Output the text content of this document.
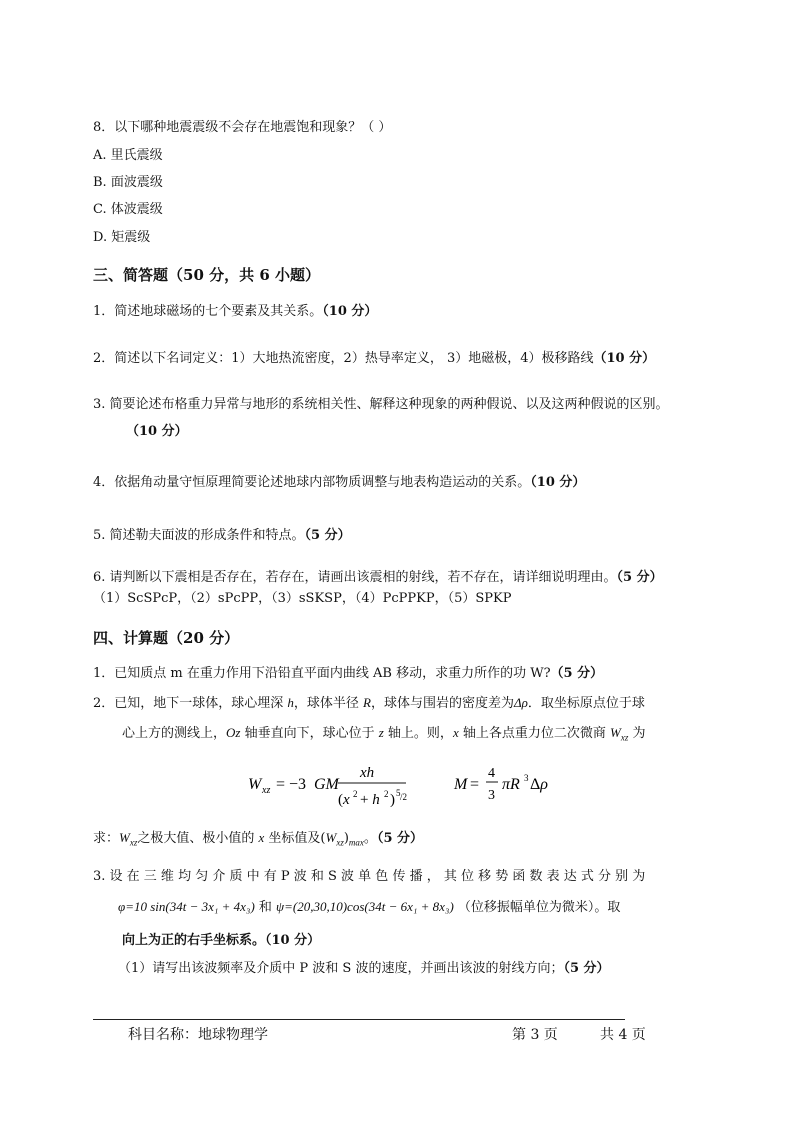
8．以下哪种地震震级不会存在地震饱和现象？（ ）
A. 里氏震级
B. 面波震级
C. 体波震级
D. 矩震级
三、简答题（50 分，共 6 小题）
1．简述地球磁场的七个要素及其关系。（10 分）
2．简述以下名词定义：1）大地热流密度，2）热导率定义， 3）地磁极，4）极移路线（10 分）
3. 简要论述布格重力异常与地形的系统相关性、解释这种现象的两种假说、以及这两种假说的区别。
（10 分）
4．依据角动量守恒原理简要论述地球内部物质调整与地表构造运动的关系。（10 分）
5. 简述勒夫面波的形成条件和特点。（5 分）
6. 请判断以下震相是否存在，若存在，请画出该震相的射线，若不存在，请详细说明理由。（5 分）
（1）ScSPcP，（2）sPcPP，（3）sSKSP，（4）PcPPKP，（5）SPKP
四、计算题（20 分）
1．已知质点 m 在重力作用下沿铅直平面内曲线 AB 移动，求重力所作的功 W?（5 分）
2．已知，地下一球体，球心埋深 h，球体半径 R，球体与围岩的密度差为Δρ．取坐标原点位于球
心上方的测线上，Oz 轴垂直向下，球心位于 z 轴上。则，x 轴上各点重力位二次微商 $W_{xz}$ 为
W xz = −3 GM
xh
(x 2 + h 2 ) 5 /2
M =
4
3
πR 3 Δρ
求：$W_{xz}$之极大值、极小值的 x 坐标值及$(W_{xz})_{max}$。（5 分）
3. 设 在 三 维 均 匀 介 质 中 有 P 波 和 S 波 单 色 传 播 ， 其 位 移 势 函 数 表 达 式 分 别 为
φ=10 sin(34t − 3x₁ + 4x₃) 和 ψ=(20,30,10)cos(34t − 6x₁ + 8x₃) （位移振幅单位为微米）。取
向上为正的右手坐标系。（10 分）
（1）请写出该波频率及介质中 P 波和 S 波的速度，并画出该波的射线方向；（5 分）
科目名称：地球物理学	第 3 页	共 4 页
